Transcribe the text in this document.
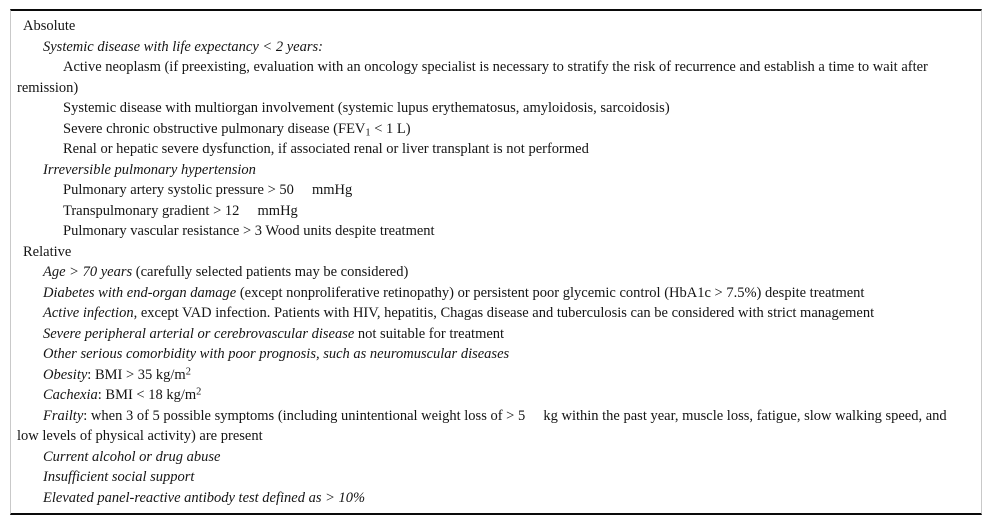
Absolute
Systemic disease with life expectancy < 2 years:
Active neoplasm (if preexisting, evaluation with an oncology specialist is necessary to stratify the risk of recurrence and establish a time to wait after remission)
Systemic disease with multiorgan involvement (systemic lupus erythematosus, amyloidosis, sarcoidosis)
Severe chronic obstructive pulmonary disease ($FEV_1 < 1$ L)
Renal or hepatic severe dysfunction, if associated renal or liver transplant is not performed
Irreversible pulmonary hypertension
Pulmonary artery systolic pressure > 50     mmHg
Transpulmonary gradient > 12     mmHg
Pulmonary vascular resistance > 3 Wood units despite treatment
Relative
Age > 70 years (carefully selected patients may be considered)
Diabetes with end-organ damage (except nonproliferative retinopathy) or persistent poor glycemic control (HbA1c > 7.5%) despite treatment
Active infection, except VAD infection. Patients with HIV, hepatitis, Chagas disease and tuberculosis can be considered with strict management
Severe peripheral arterial or cerebrovascular disease not suitable for treatment
Other serious comorbidity with poor prognosis, such as neuromuscular diseases
Obesity: BMI > 35 $kg/m^2$
Cachexia: BMI < 18 $kg/m^2$
Frailty: when 3 of 5 possible symptoms (including unintentional weight loss of > 5     kg within the past year, muscle loss, fatigue, slow walking speed, and low levels of physical activity) are present
Current alcohol or drug abuse
Insufficient social support
Elevated panel-reactive antibody test defined as > 10%
